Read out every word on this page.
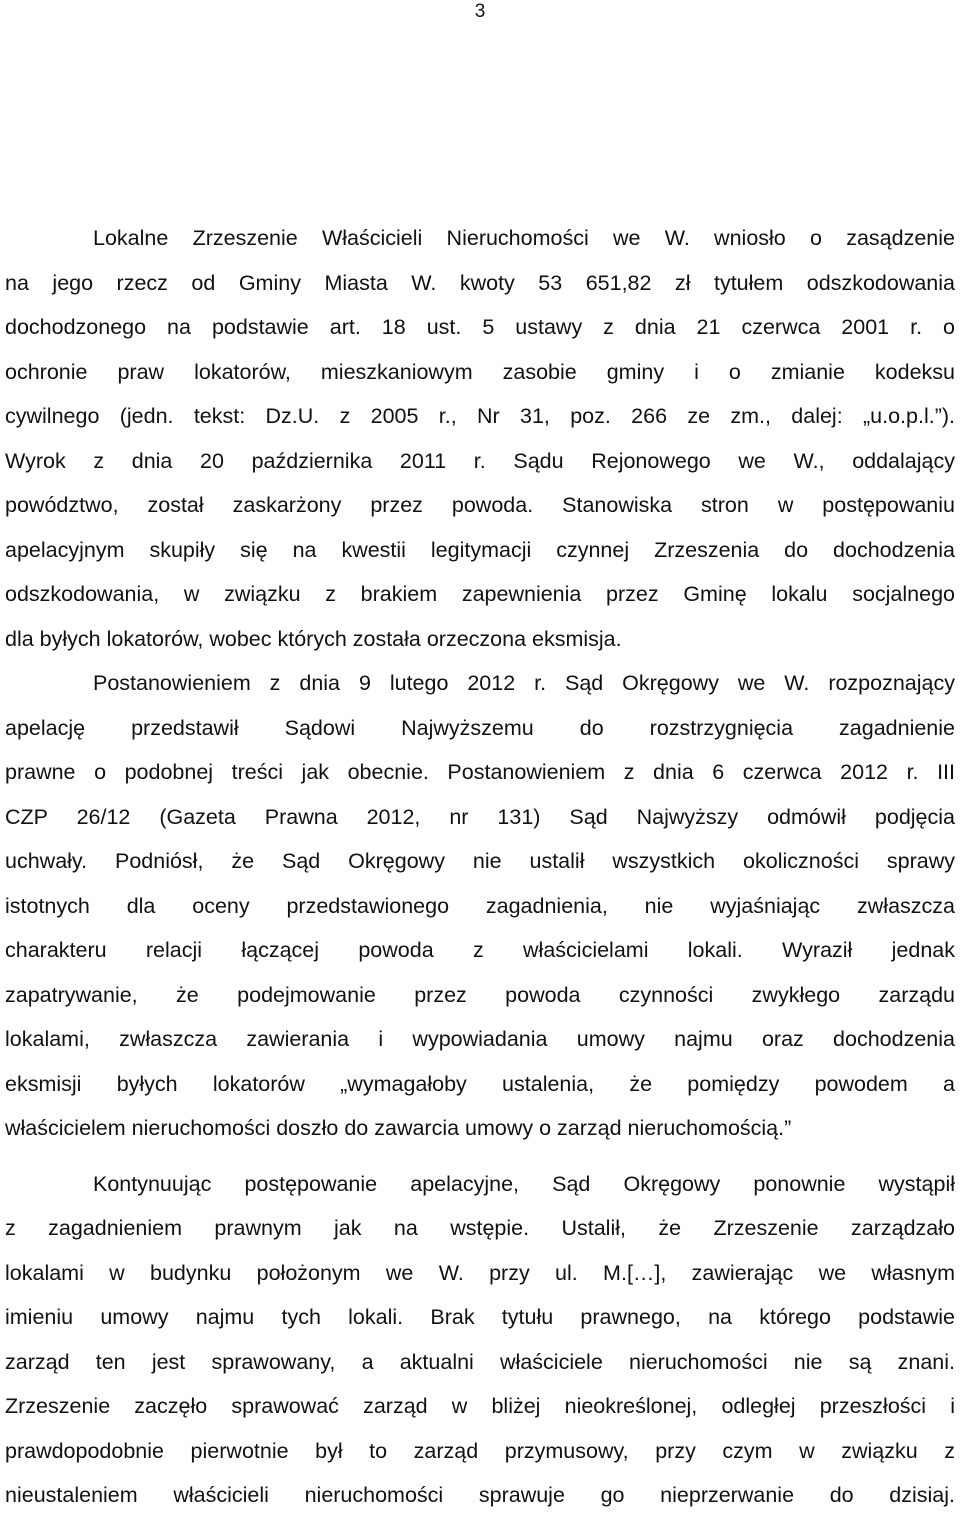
3
Lokalne Zrzeszenie Właścicieli Nieruchomości we W. wniosło o zasądzenie
na jego rzecz od Gminy Miasta W. kwoty 53 651,82 zł tytułem odszkodowania
dochodzonego na podstawie art. 18 ust. 5 ustawy z dnia 21 czerwca 2001 r. o
ochronie praw lokatorów, mieszkaniowym zasobie gminy i o zmianie kodeksu
cywilnego (jedn. tekst: Dz.U. z 2005 r., Nr 31, poz. 266 ze zm., dalej: „u.o.p.l.”).
Wyrok z dnia 20 października 2011 r. Sądu Rejonowego we W., oddalający
powództwo, został zaskarżony przez powoda. Stanowiska stron w postępowaniu
apelacyjnym skupiły się na kwestii legitymacji czynnej Zrzeszenia do dochodzenia
odszkodowania, w związku z brakiem zapewnienia przez Gminę lokalu socjalnego
dla byłych lokatorów, wobec których została orzeczona eksmisja.
Postanowieniem z dnia 9 lutego 2012 r. Sąd Okręgowy we W. rozpoznający
apelację przedstawił Sądowi Najwyższemu do rozstrzygnięcia zagadnienie
prawne o podobnej treści jak obecnie. Postanowieniem z dnia 6 czerwca 2012 r. III
CZP 26/12 (Gazeta Prawna 2012, nr 131) Sąd Najwyższy odmówił podjęcia
uchwały. Podniósł, że Sąd Okręgowy nie ustalił wszystkich okoliczności sprawy
istotnych dla oceny przedstawionego zagadnienia, nie wyjaśniając zwłaszcza
charakteru relacji łączącej powoda z właścicielami lokali. Wyraził jednak
zapatrywanie, że podejmowanie przez powoda czynności zwykłego zarządu
lokalami, zwłaszcza zawierania i wypowiadania umowy najmu oraz dochodzenia
eksmisji byłych lokatorów „wymagałoby ustalenia, że pomiędzy powodem a
właścicielem nieruchomości doszło do zawarcia umowy o zarząd nieruchomością.”
Kontynuując postępowanie apelacyjne, Sąd Okręgowy ponownie wystąpił
z zagadnieniem prawnym jak na wstępie. Ustalił, że Zrzeszenie zarządzało
lokalami w budynku położonym we W. przy ul. M.[…], zawierając we własnym
imieniu umowy najmu tych lokali. Brak tytułu prawnego, na którego podstawie
zarząd ten jest sprawowany, a aktualni właściciele nieruchomości nie są znani.
Zrzeszenie zaczęło sprawować zarząd w bliżej nieokreślonej, odległej przeszłości i
prawdopodobnie pierwotnie był to zarząd przymusowy, przy czym w związku z
nieustaleniem właścicieli nieruchomości sprawuje go nieprzerwanie do dzisiaj.
